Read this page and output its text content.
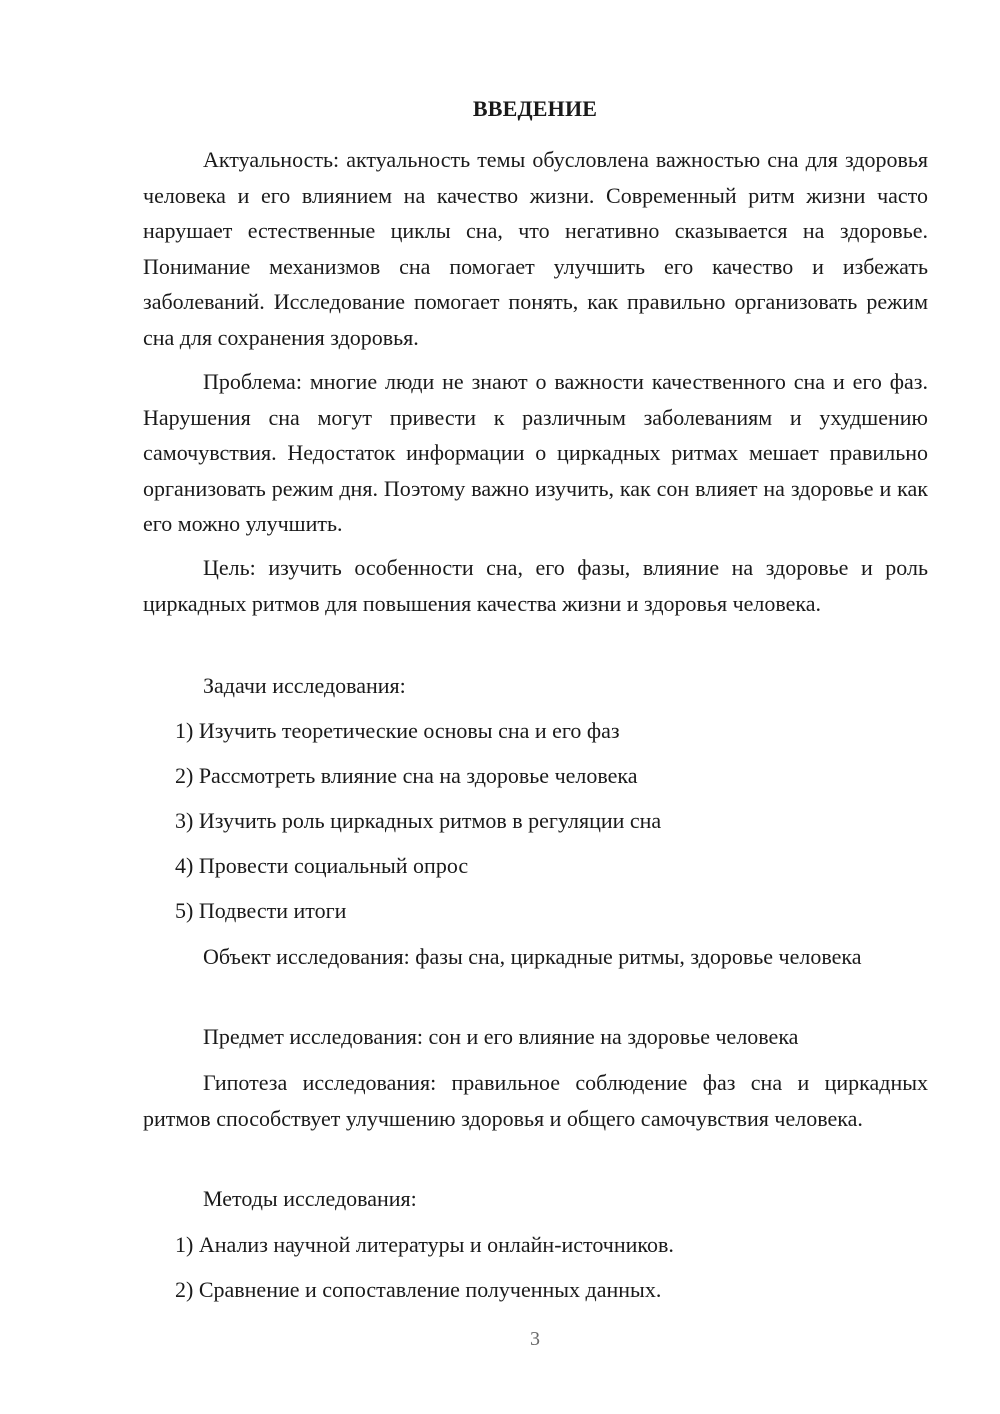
ВВЕДЕНИЕ

Актуальность: актуальность темы обусловлена важностью сна для здоровья человека и его влиянием на качество жизни. Современный ритм жизни часто нарушает естественные циклы сна, что негативно сказывается на здоровье. Понимание механизмов сна помогает улучшить его качество и избежать заболеваний. Исследование помогает понять, как правильно организовать режим сна для сохранения здоровья.

Проблема: многие люди не знают о важности качественного сна и его фаз. Нарушения сна могут привести к различным заболеваниям и ухудшению самочувствия. Недостаток информации о циркадных ритмах мешает правильно организовать режим дня. Поэтому важно изучить, как сон влияет на здоровье и как его можно улучшить.

Цель: изучить особенности сна, его фазы, влияние на здоровье и роль циркадных ритмов для повышения качества жизни и здоровья человека.

Задачи исследования:

1) Изучить теоретические основы сна и его фаз

2) Рассмотреть влияние сна на здоровье человека

3) Изучить роль циркадных ритмов в регуляции сна

4) Провести социальный опрос

5) Подвести итоги

Объект исследования: фазы сна, циркадные ритмы, здоровье человека

Предмет исследования: сон и его влияние на здоровье человека

Гипотеза исследования: правильное соблюдение фаз сна и циркадных ритмов способствует улучшению здоровья и общего самочувствия человека.

Методы исследования:

1) Анализ научной литературы и онлайн-источников.

2) Сравнение и сопоставление полученных данных.

3
